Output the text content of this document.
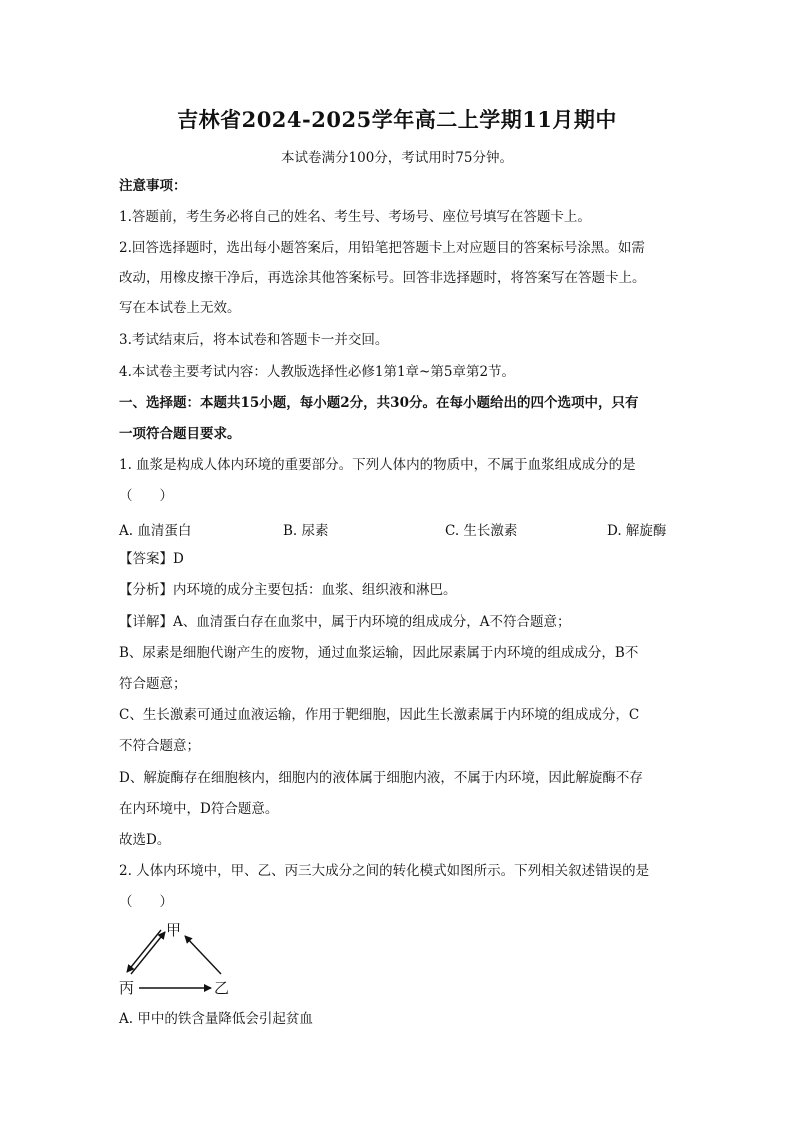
吉林省2024-2025学年高二上学期11月期中
本试卷满分100分，考试用时75分钟。
注意事项：
1.答题前，考生务必将自己的姓名、考生号、考场号、座位号填写在答题卡上。
2.回答选择题时，选出每小题答案后，用铅笔把答题卡上对应题目的答案标号涂黑。如需
改动，用橡皮擦干净后，再选涂其他答案标号。回答非选择题时，将答案写在答题卡上。
写在本试卷上无效。
3.考试结束后，将本试卷和答题卡一并交回。
4.本试卷主要考试内容：人教版选择性必修1第1章~第5章第2节。
一、选择题：本题共15小题，每小题2分，共30分。在每小题给出的四个选项中，只有
一项符合题目要求。
1. 血浆是构成人体内环境的重要部分。下列人体内的物质中，不属于血浆组成成分的是
（　　）
A. 血清蛋白	B. 尿素	C. 生长激素	D. 解旋酶
【答案】D
【分析】内环境的成分主要包括：血浆、组织液和淋巴。
【详解】A、血清蛋白存在血浆中，属于内环境的组成成分，A不符合题意；
B、尿素是细胞代谢产生的废物，通过血浆运输，因此尿素属于内环境的组成成分，B不
符合题意；
C、生长激素可通过血液运输，作用于靶细胞，因此生长激素属于内环境的组成成分，C
不符合题意；
D、解旋酶存在细胞核内，细胞内的液体属于细胞内液，不属于内环境，因此解旋酶不存
在内环境中，D符合题意。
故选D。
2. 人体内环境中，甲、乙、丙三大成分之间的转化模式如图所示。下列相关叙述错误的是
（　　）
甲
丙	乙
A. 甲中的铁含量降低会引起贫血
